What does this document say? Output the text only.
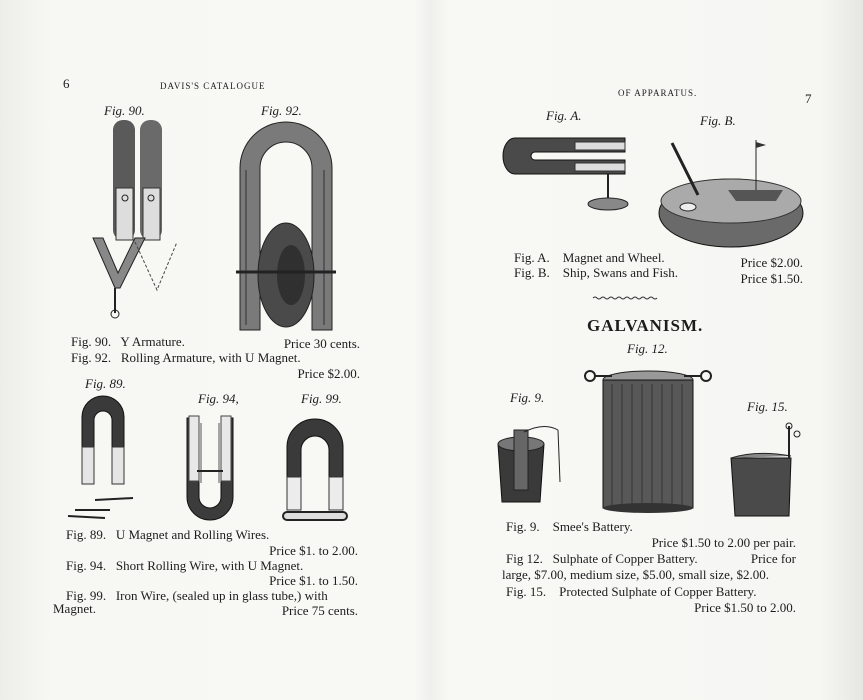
6	DAVIS'S CATALOGUE
OF APPARATUS.	7
Fig. 90.	Fig. 92.
Fig. 90. Y Armature.	Price 30 cents.
Fig. 92. Rolling Armature, with U Magnet.
Price $2.00.
Fig. 89.
Fig. 94,	Fig. 99.
Fig. 89. U Magnet and Rolling Wires.
Price $1. to 2.00.
Fig. 94. Short Rolling Wire, with U Magnet.
Price $1. to 1.50.
Fig. 99. Iron Wire, (sealed up in glass tube,) with
Magnet.	Price 75 cents.
Fig. A.	Fig. B.
Fig. A. Magnet and Wheel.	Price $2.00.
Fig. B. Ship, Swans and Fish.	Price $1.50.
GALVANISM.
Fig. 12.
Fig. 9.
Fig. 15.
Fig. 9. Smee's Battery.
Price $1.50 to 2.00 per pair.
Fig 12. Sulphate of Copper Battery.	Price for
large, $7.00, medium size, $5.00, small size, $2.00.
Fig. 15. Protected Sulphate of Copper Battery.
Price $1.50 to 2.00.
